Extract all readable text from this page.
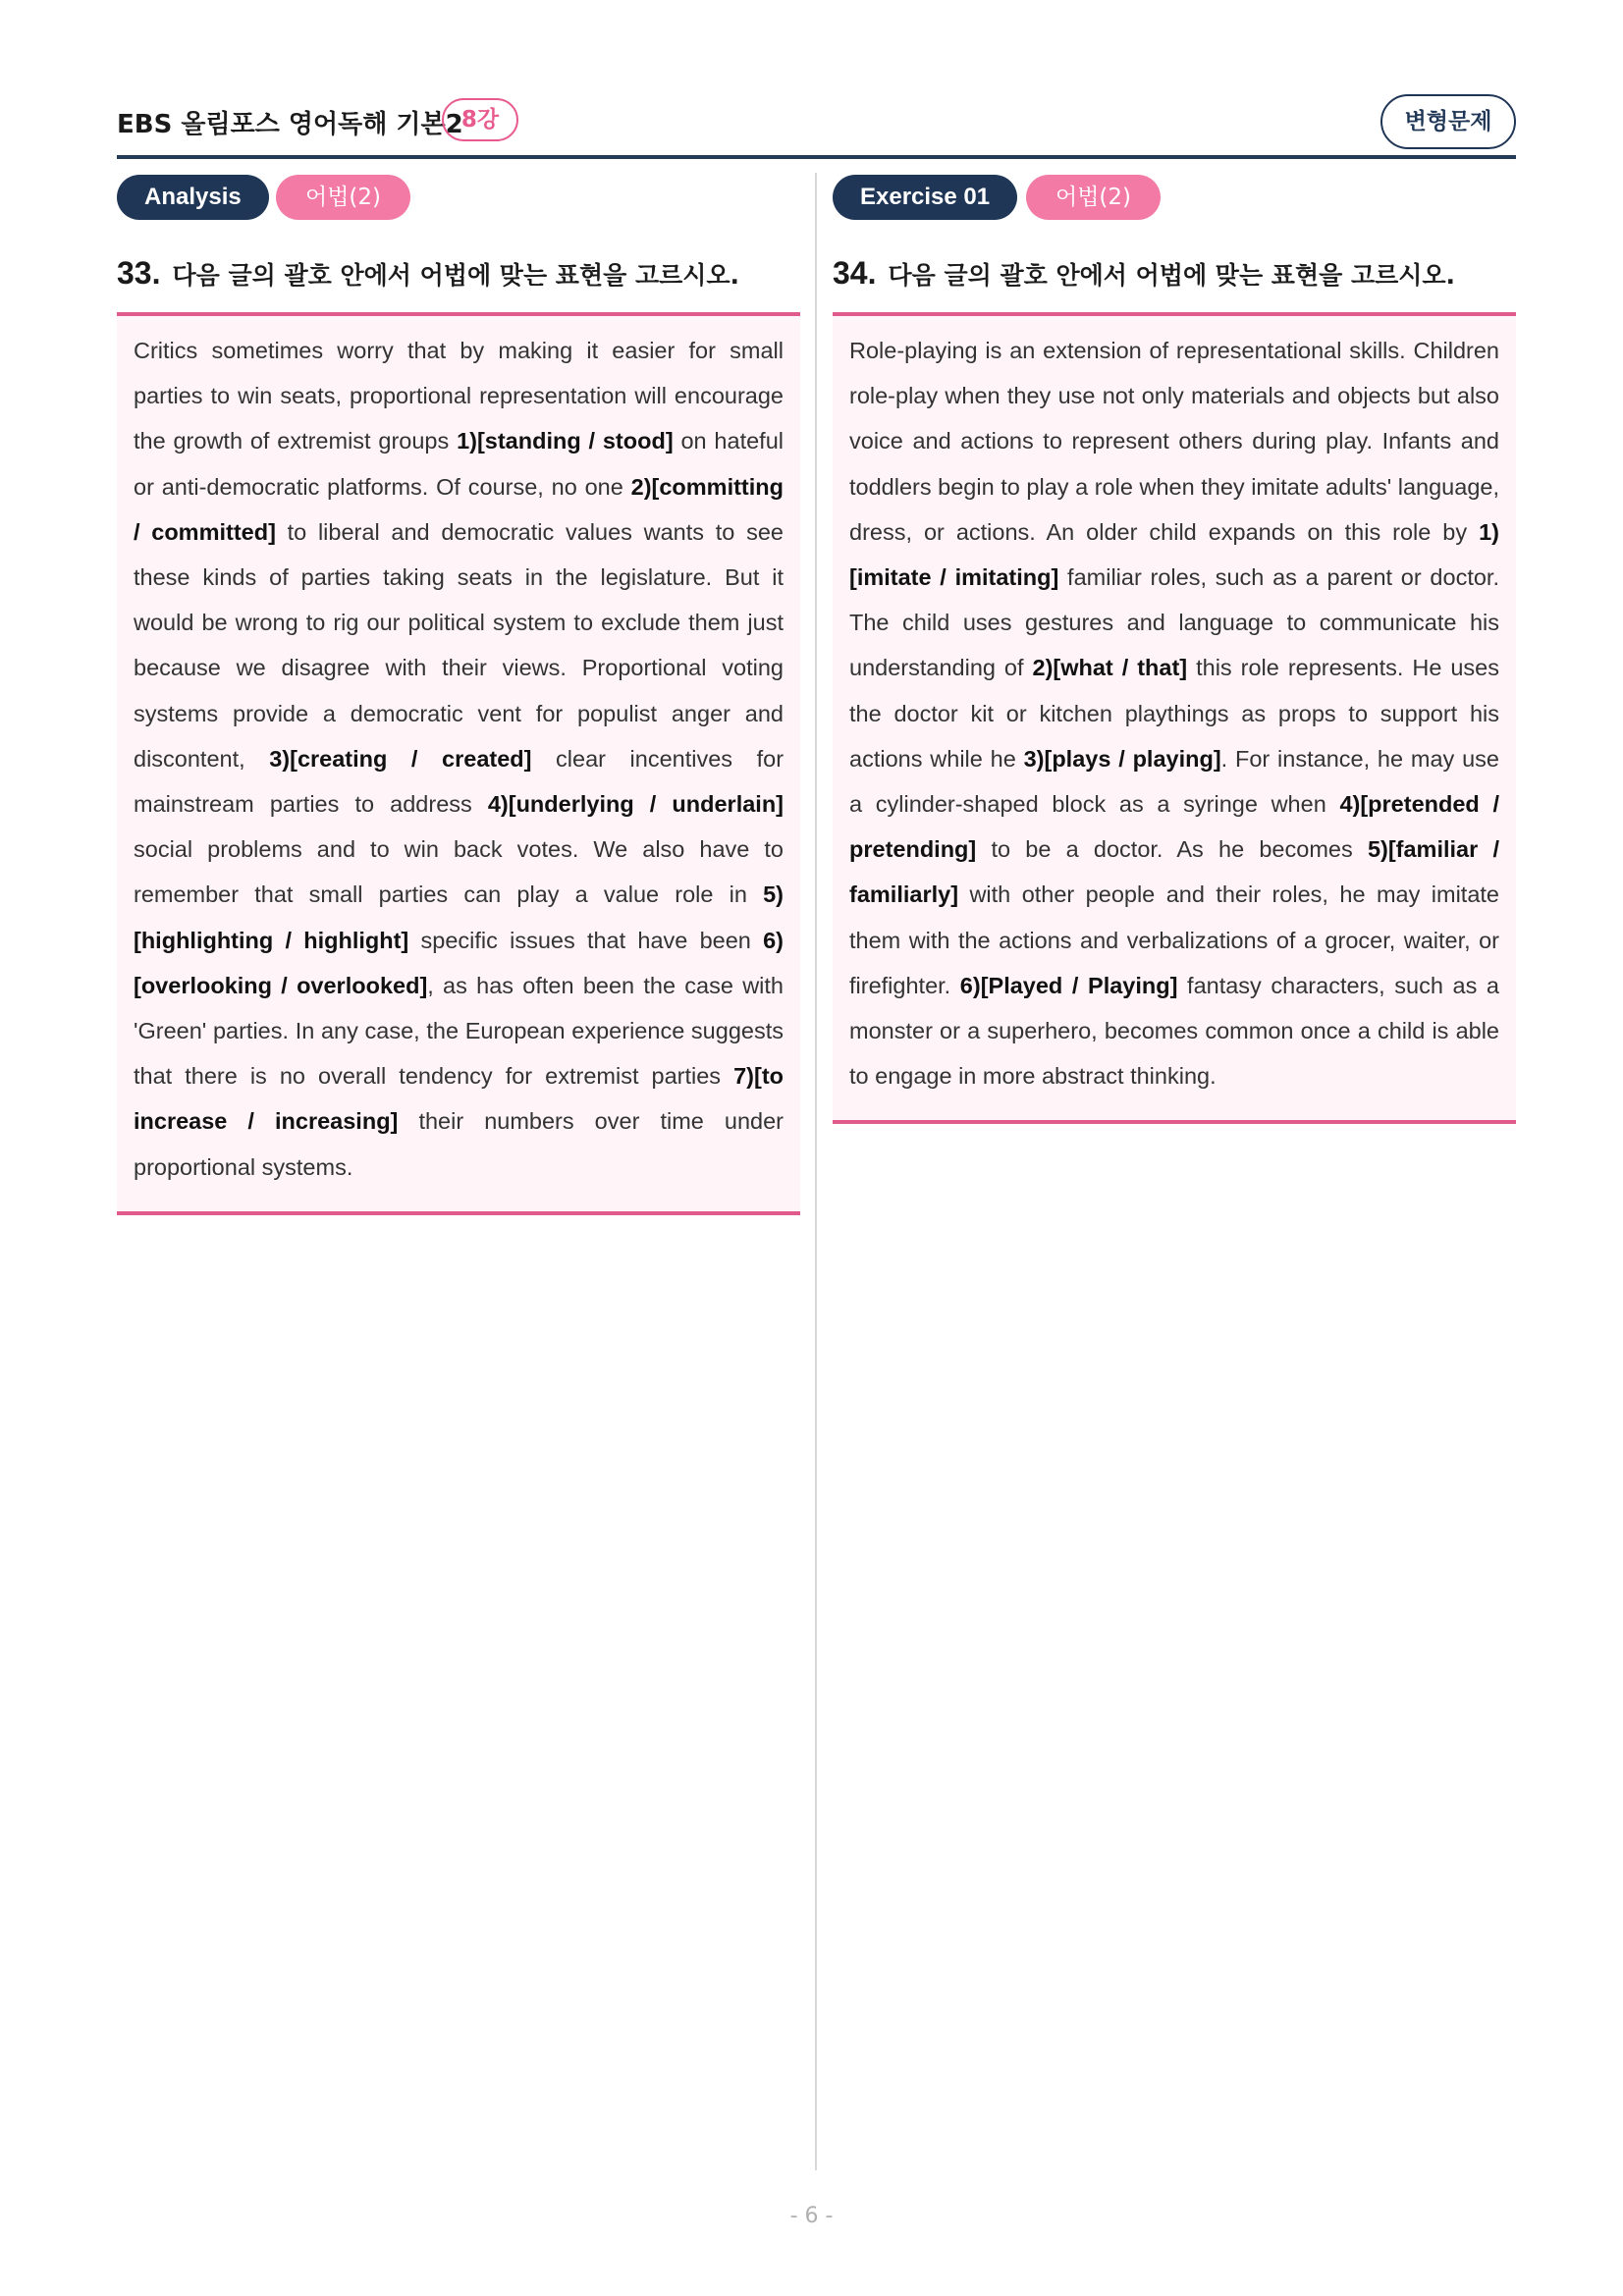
EBS 올림포스 영어독해 기본2
8강	변형문제
Analysis	어법(2)
33. 다음 글의 괄호 안에서 어법에 맞는 표현을 고르시오.
Critics sometimes worry that by making it easier for small parties to win seats, proportional representation will encourage the growth of extremist groups 1)[standing / stood] on hateful or anti-democratic platforms. Of course, no one 2)[committing / committed] to liberal and democratic values wants to see these kinds of parties taking seats in the legislature. But it would be wrong to rig our political system to exclude them just because we disagree with their views. Proportional voting systems provide a democratic vent for populist anger and discontent, 3)[creating / created] clear incentives for mainstream parties to address 4)[underlying / underlain] social problems and to win back votes. We also have to remember that small parties can play a value role in 5)[highlighting / highlight] specific issues that have been 6)[overlooking / overlooked], as has often been the case with 'Green' parties. In any case, the European experience suggests that there is no overall tendency for extremist parties 7)[to increase / increasing] their numbers over time under proportional systems.
Exercise 01	어법(2)
34. 다음 글의 괄호 안에서 어법에 맞는 표현을 고르시오.
Role-playing is an extension of representational skills. Children role-play when they use not only materials and objects but also voice and actions to represent others during play. Infants and toddlers begin to play a role when they imitate adults' language, dress, or actions. An older child expands on this role by 1)[imitate / imitating] familiar roles, such as a parent or doctor. The child uses gestures and language to communicate his understanding of 2)[what / that] this role represents. He uses the doctor kit or kitchen playthings as props to support his actions while he 3)[plays / playing]. For instance, he may use a cylinder-shaped block as a syringe when 4)[pretended / pretending] to be a doctor. As he becomes 5)[familiar / familiarly] with other people and their roles, he may imitate them with the actions and verbalizations of a grocer, waiter, or firefighter. 6)[Played / Playing] fantasy characters, such as a monster or a superhero, becomes common once a child is able to engage in more abstract thinking.
- 6 -
